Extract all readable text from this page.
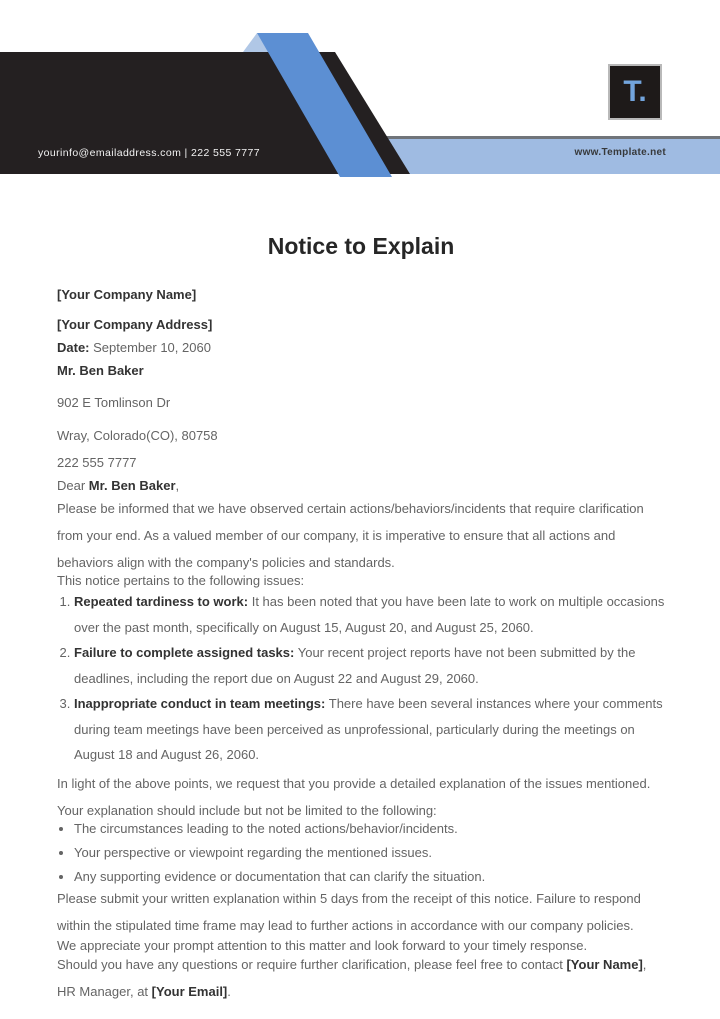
yourinfo@emailaddress.com | 222 555 7777
T.
www.Template.net
Notice to Explain

[Your Company Name]

[Your Company Address]

Date: September 10, 2060

Mr. Ben Baker

902 E Tomlinson Dr

Wray, Colorado(CO), 80758

222 555 7777

Dear Mr. Ben Baker,

Please be informed that we have observed certain actions/behaviors/incidents that require clarification from your end. As a valued member of our company, it is imperative to ensure that all actions and behaviors align with the company's policies and standards.

This notice pertains to the following issues:

1. Repeated tardiness to work: It has been noted that you have been late to work on multiple occasions over the past month, specifically on August 15, August 20, and August 25, 2060.
2. Failure to complete assigned tasks: Your recent project reports have not been submitted by the deadlines, including the report due on August 22 and August 29, 2060.
3. Inappropriate conduct in team meetings: There have been several instances where your comments during team meetings have been perceived as unprofessional, particularly during the meetings on August 18 and August 26, 2060.

In light of the above points, we request that you provide a detailed explanation of the issues mentioned. Your explanation should include but not be limited to the following:

• The circumstances leading to the noted actions/behavior/incidents.
• Your perspective or viewpoint regarding the mentioned issues.
• Any supporting evidence or documentation that can clarify the situation.

Please submit your written explanation within 5 days from the receipt of this notice. Failure to respond within the stipulated time frame may lead to further actions in accordance with our company policies.

We appreciate your prompt attention to this matter and look forward to your timely response.

Should you have any questions or require further clarification, please feel free to contact [Your Name], HR Manager, at [Your Email].
